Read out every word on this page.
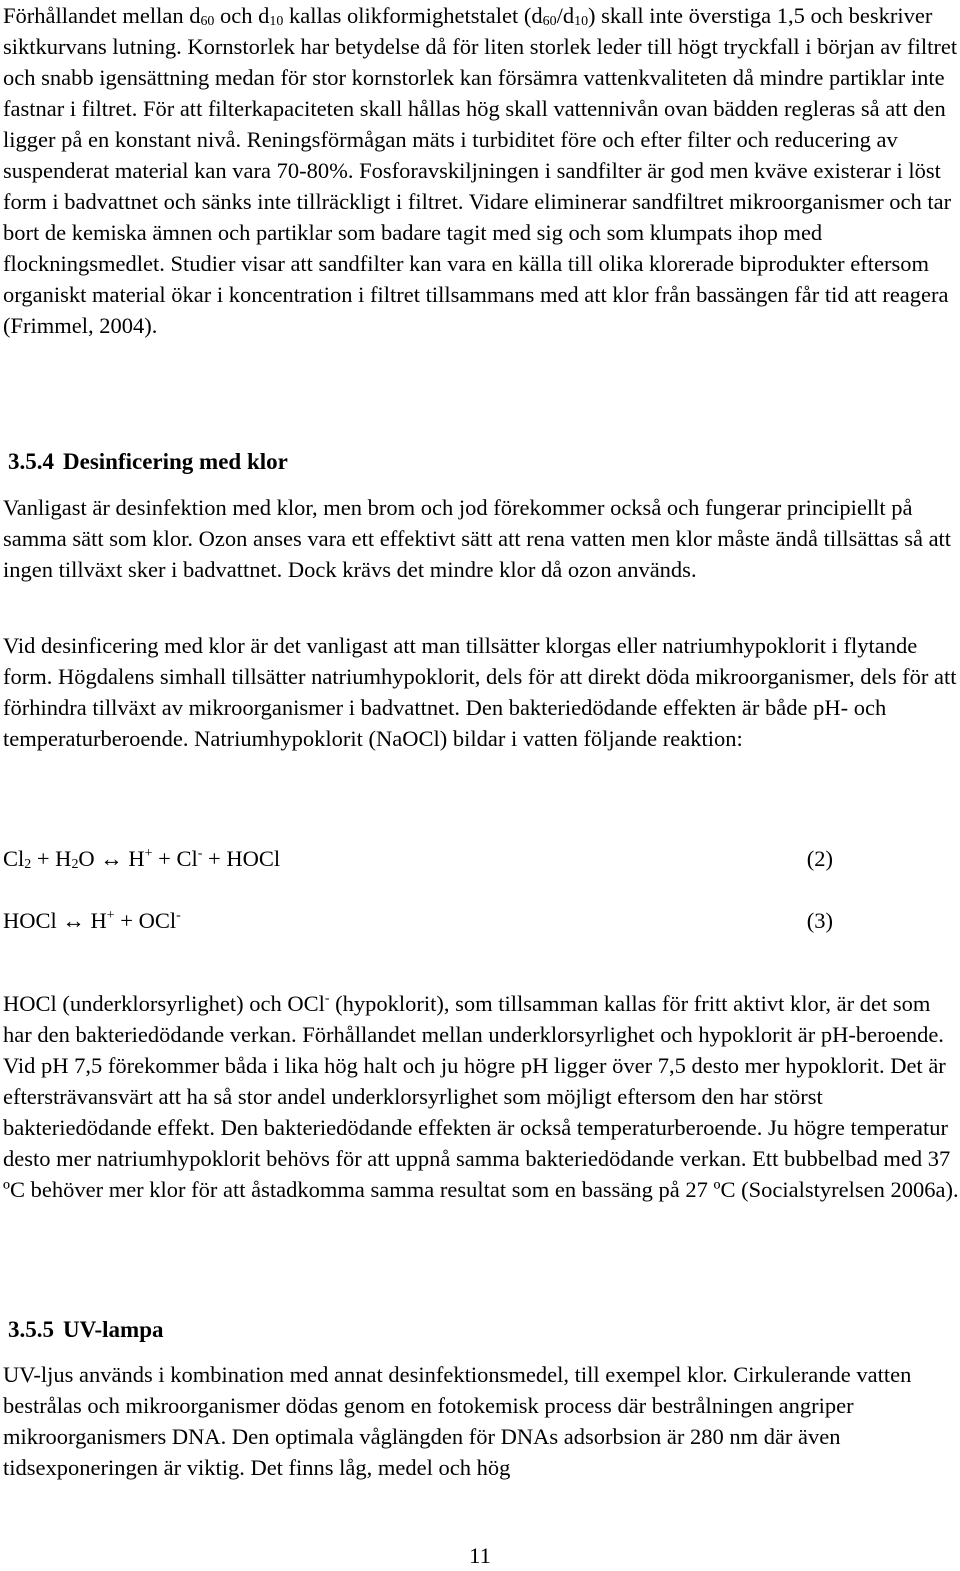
Förhållandet mellan $d_{60}$ och $d_{10}$ kallas olikformighetstalet $(d_{60}/d_{10})$ skall inte överstiga 1,5 och beskriver siktkurvans lutning. Kornstorlek har betydelse då för liten storlek leder till högt tryckfall i början av filtret och snabb igensättning medan för stor kornstorlek kan försämra vattenkvaliteten då mindre partiklar inte fastnar i filtret. För att filterkapaciteten skall hållas hög skall vattennivån ovan bädden regleras så att den ligger på en konstant nivå. Reningsförmågan mäts i turbiditet före och efter filter och reducering av suspenderat material kan vara 70-80%. Fosforavskiljningen i sandfilter är god men kväve existerar i löst form i badvattnet och sänks inte tillräckligt i filtret. Vidare eliminerar sandfiltret mikroorganismer och tar bort de kemiska ämnen och partiklar som badare tagit med sig och som klumpats ihop med flockningsmedlet. Studier visar att sandfilter kan vara en källa till olika klorerade biprodukter eftersom organiskt material ökar i koncentration i filtret tillsammans med att klor från bassängen får tid att reagera (Frimmel, 2004).

3.5.4 Desinficering med klor

Vanligast är desinfektion med klor, men brom och jod förekommer också och fungerar principiellt på samma sätt som klor. Ozon anses vara ett effektivt sätt att rena vatten men klor måste ändå tillsättas så att ingen tillväxt sker i badvattnet. Dock krävs det mindre klor då ozon används.

Vid desinficering med klor är det vanligast att man tillsätter klorgas eller natriumhypoklorit i flytande form. Högdalens simhall tillsätter natriumhypoklorit, dels för att direkt döda mikroorganismer, dels för att förhindra tillväxt av mikroorganismer i badvattnet. Den bakteriedödande effekten är både pH- och temperaturberoende. Natriumhypoklorit (NaOCl) bildar i vatten följande reaktion:

$Cl_2 + H_2O$ ↔ H+ + Cl- + HOCl	(2)
HOCl ↔ H+ + OCl-	(3)

HOCl (underklorsyrlighet) och OCl- (hypoklorit), som tillsamman kallas för fritt aktivt klor, är det som har den bakteriedödande verkan. Förhållandet mellan underklorsyrlighet och hypoklorit är pH-beroende. Vid pH 7,5 förekommer båda i lika hög halt och ju högre pH ligger över 7,5 desto mer hypoklorit. Det är eftersträvansvärt att ha så stor andel underklorsyrlighet som möjligt eftersom den har störst bakteriedödande effekt. Den bakteriedödande effekten är också temperaturberoende. Ju högre temperatur desto mer natriumhypoklorit behövs för att uppnå samma bakteriedödande verkan. Ett bubbelbad med 37 ºC behöver mer klor för att åstadkomma samma resultat som en bassäng på 27 ºC (Socialstyrelsen 2006a).

3.5.5 UV-lampa

UV-ljus används i kombination med annat desinfektionsmedel, till exempel klor. Cirkulerande vatten bestrålas och mikroorganismer dödas genom en fotokemisk process där bestrålningen angriper mikroorganismers DNA. Den optimala våglängden för DNAs adsorbsion är 280 nm där även tidsexponeringen är viktig. Det finns låg, medel och hög

11
